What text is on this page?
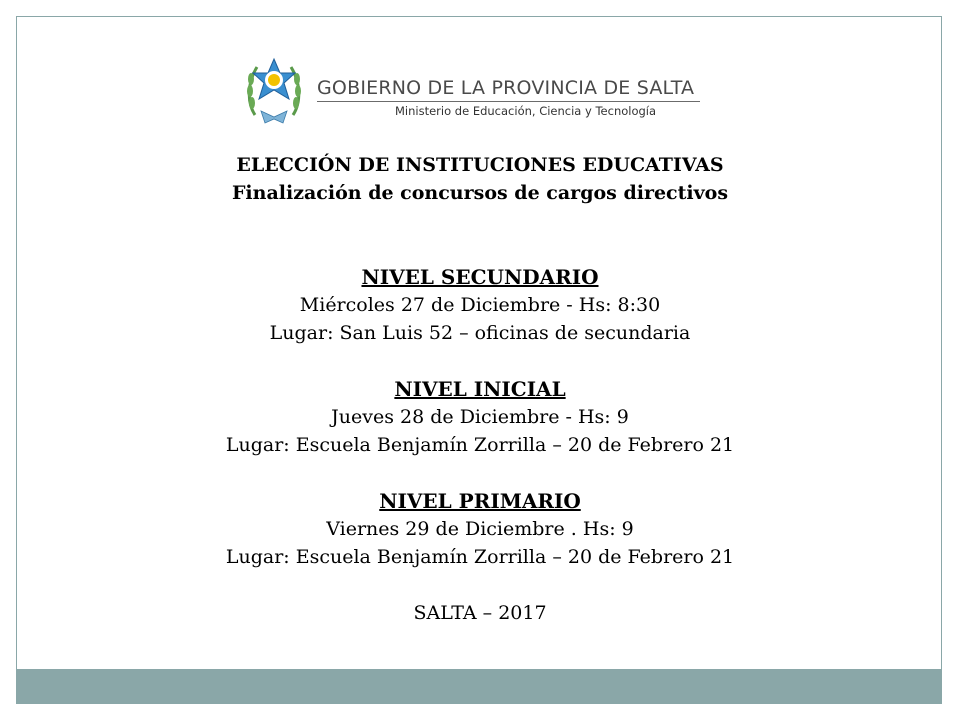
GOBIERNO DE LA PROVINCIA DE SALTA
Ministerio de Educación, Ciencia y Tecnología
ELECCIÓN DE INSTITUCIONES EDUCATIVAS
Finalización de concursos de cargos directivos
NIVEL SECUNDARIO
Miércoles 27 de Diciembre - Hs: 8:30
Lugar: San Luis 52 – oficinas de secundaria
NIVEL INICIAL
Jueves 28 de Diciembre - Hs: 9
Lugar: Escuela Benjamín Zorrilla – 20 de Febrero 21
NIVEL PRIMARIO
Viernes 29 de Diciembre . Hs: 9
Lugar: Escuela Benjamín Zorrilla – 20 de Febrero 21
SALTA – 2017
